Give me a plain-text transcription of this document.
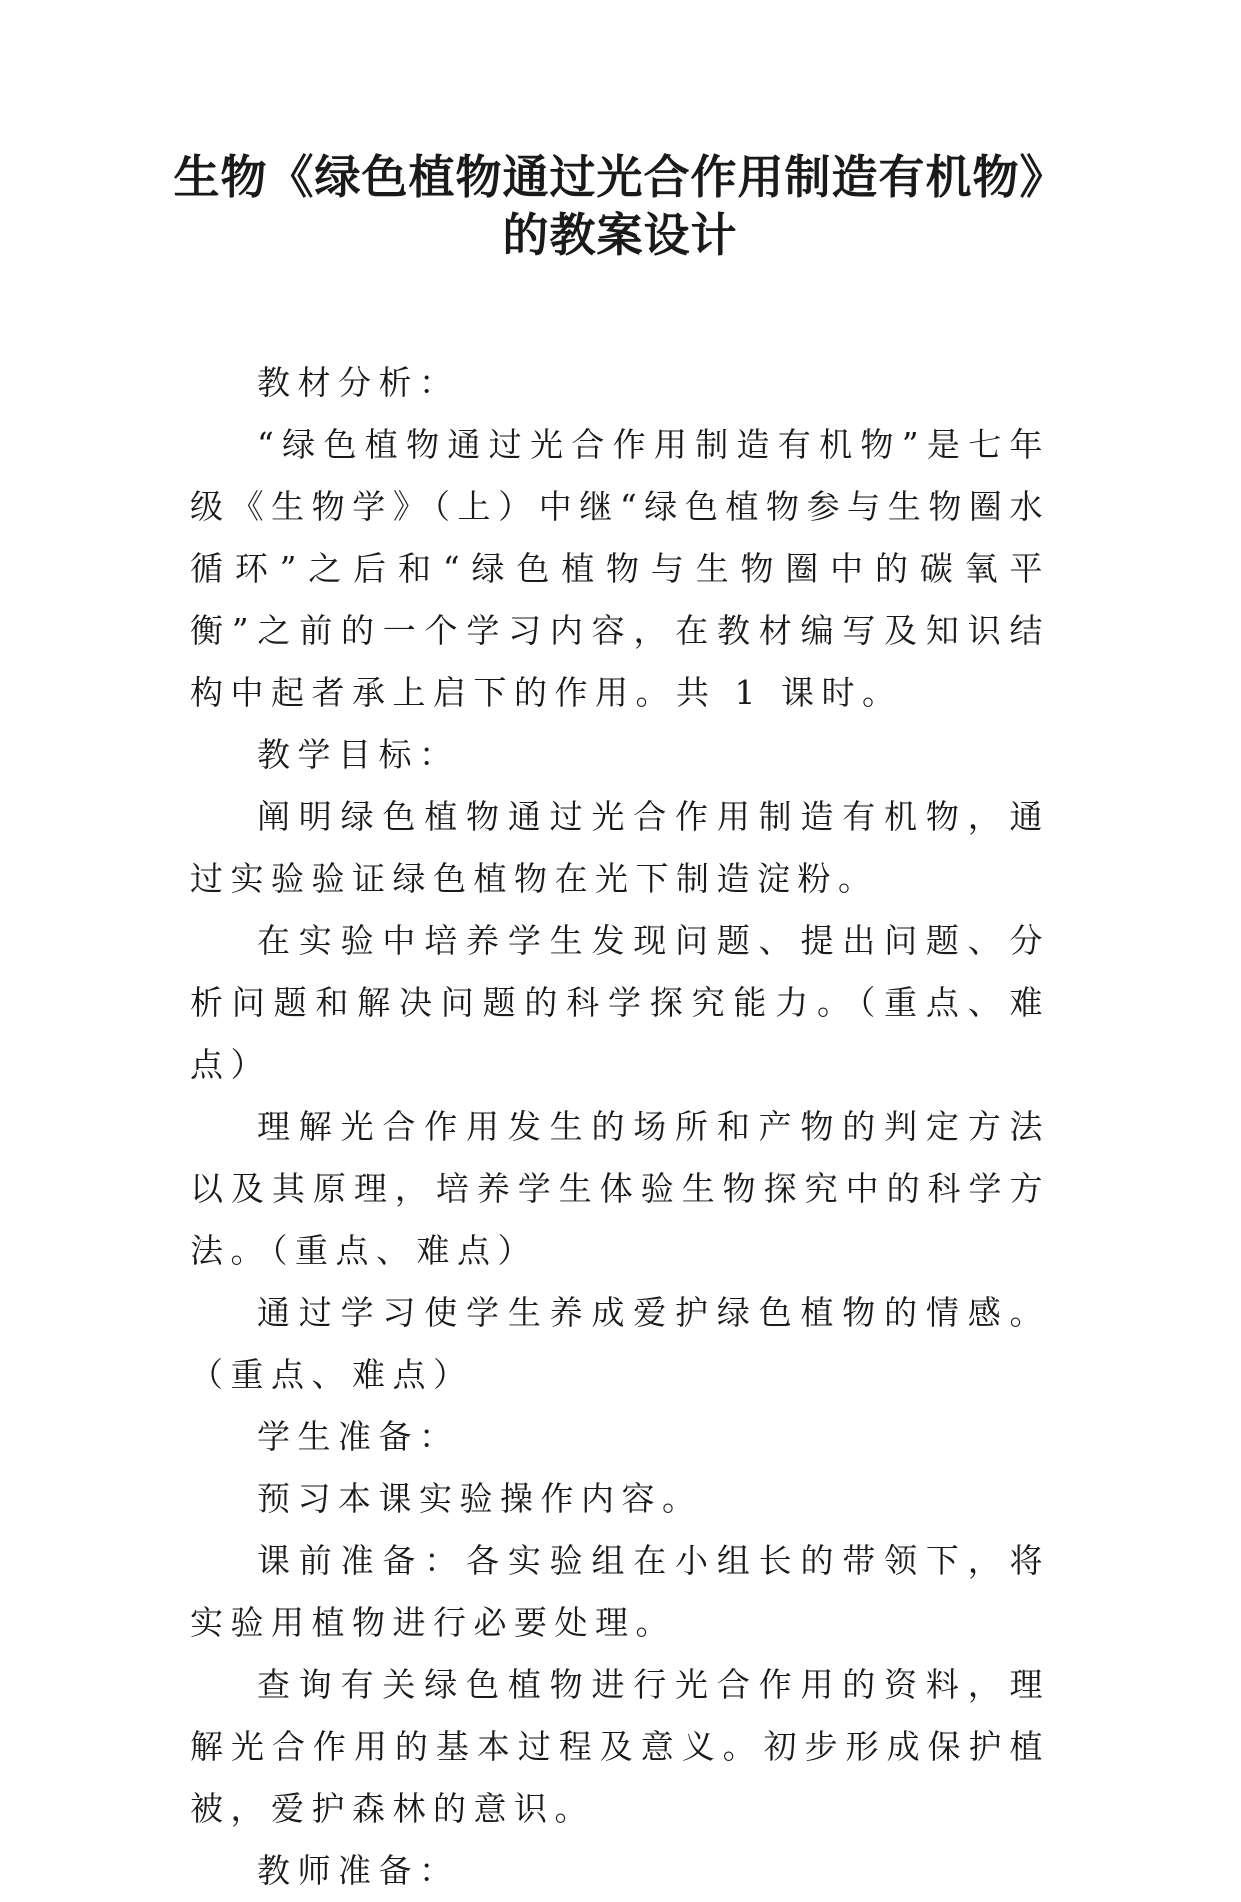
生物《绿色植物通过光合作用制造有机物》
的教案设计

教材分析：

“绿色植物通过光合作用制造有机物”是七年级《生物学》（上）中继“绿色植物参与生物圈水循环”之后和“绿色植物与生物圈中的碳氧平衡”之前的一个学习内容，在教材编写及知识结构中起者承上启下的作用。共 1 课时。

教学目标：

阐明绿色植物通过光合作用制造有机物，通过实验验证绿色植物在光下制造淀粉。

在实验中培养学生发现问题、提出问题、分析问题和解决问题的科学探究能力。（重点、难点）

理解光合作用发生的场所和产物的判定方法以及其原理，培养学生体验生物探究中的科学方法。（重点、难点）

通过学习使学生养成爱护绿色植物的情感。（重点、难点）

学生准备：

预习本课实验操作内容。

课前准备：各实验组在小组长的带领下，将实验用植物进行必要处理。

查询有关绿色植物进行光合作用的资料，理解光合作用的基本过程及意义。初步形成保护植被，爱护森林的意识。

教师准备：
